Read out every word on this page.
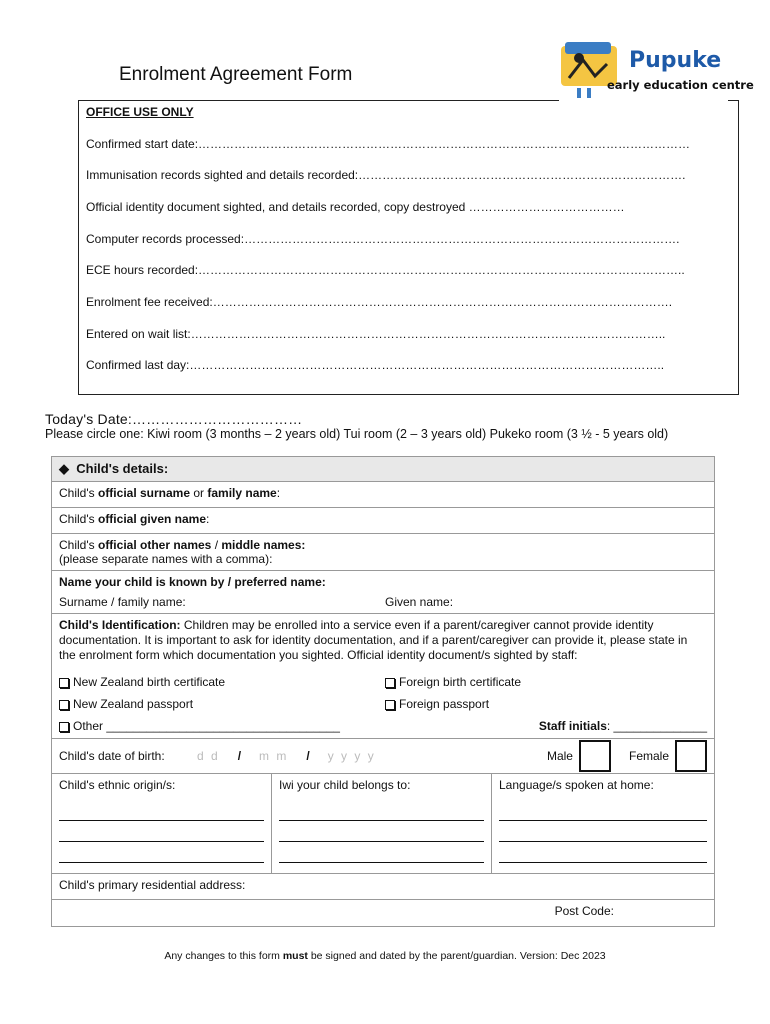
Enrolment Agreement Form
Pupuke
early education centre
OFFICE USE ONLY
Confirmed start date:……………………………………………………………………………………………………………
Immunisation records sighted and details recorded:……………………………………………………………………….
Official identity document sighted, and details recorded, copy destroyed …………………………………
Computer records processed:……………………………………………………………………………………………….
ECE hours recorded:…………………………………………………………………………………………………………..
Enrolment fee received:…………………………………………………………………………………………………….
Entered on wait list:………………………………………………………………………………………………………..
Confirmed last day:………………………………………………………………………………………………………..
Today's Date:………………………………
Please circle one: Kiwi room (3 months – 2 years old) Tui room (2 – 3 years old) Pukeko room (3 ½ - 5 years old)
◆ Child's details:
Child's official surname or family name:
Child's official given name:
Child's official other names / middle names:
(please separate names with a comma):
Name your child is known by / preferred name:
Surname / family name:	Given name:

Child's Identification: Children may be enrolled into a service even if a parent/caregiver cannot provide identity documentation. It is important to ask for identity documentation, and if a parent/caregiver can provide it, please state in the enrolment form which documentation you sighted. Official identity document/s sighted by staff:
New Zealand birth certificate	Foreign birth certificate
New Zealand passport	Foreign passport
Other ___________________________________	Staff initials: ______________

Child's date of birth:	d d / m m / y y y y	Male	Female

Child's ethnic origin/s:	Iwi your child belongs to:	Language/s spoken at home:

Child's primary residential address:
Post Code:
Any changes to this form must be signed and dated by the parent/guardian. Version: Dec 2023
